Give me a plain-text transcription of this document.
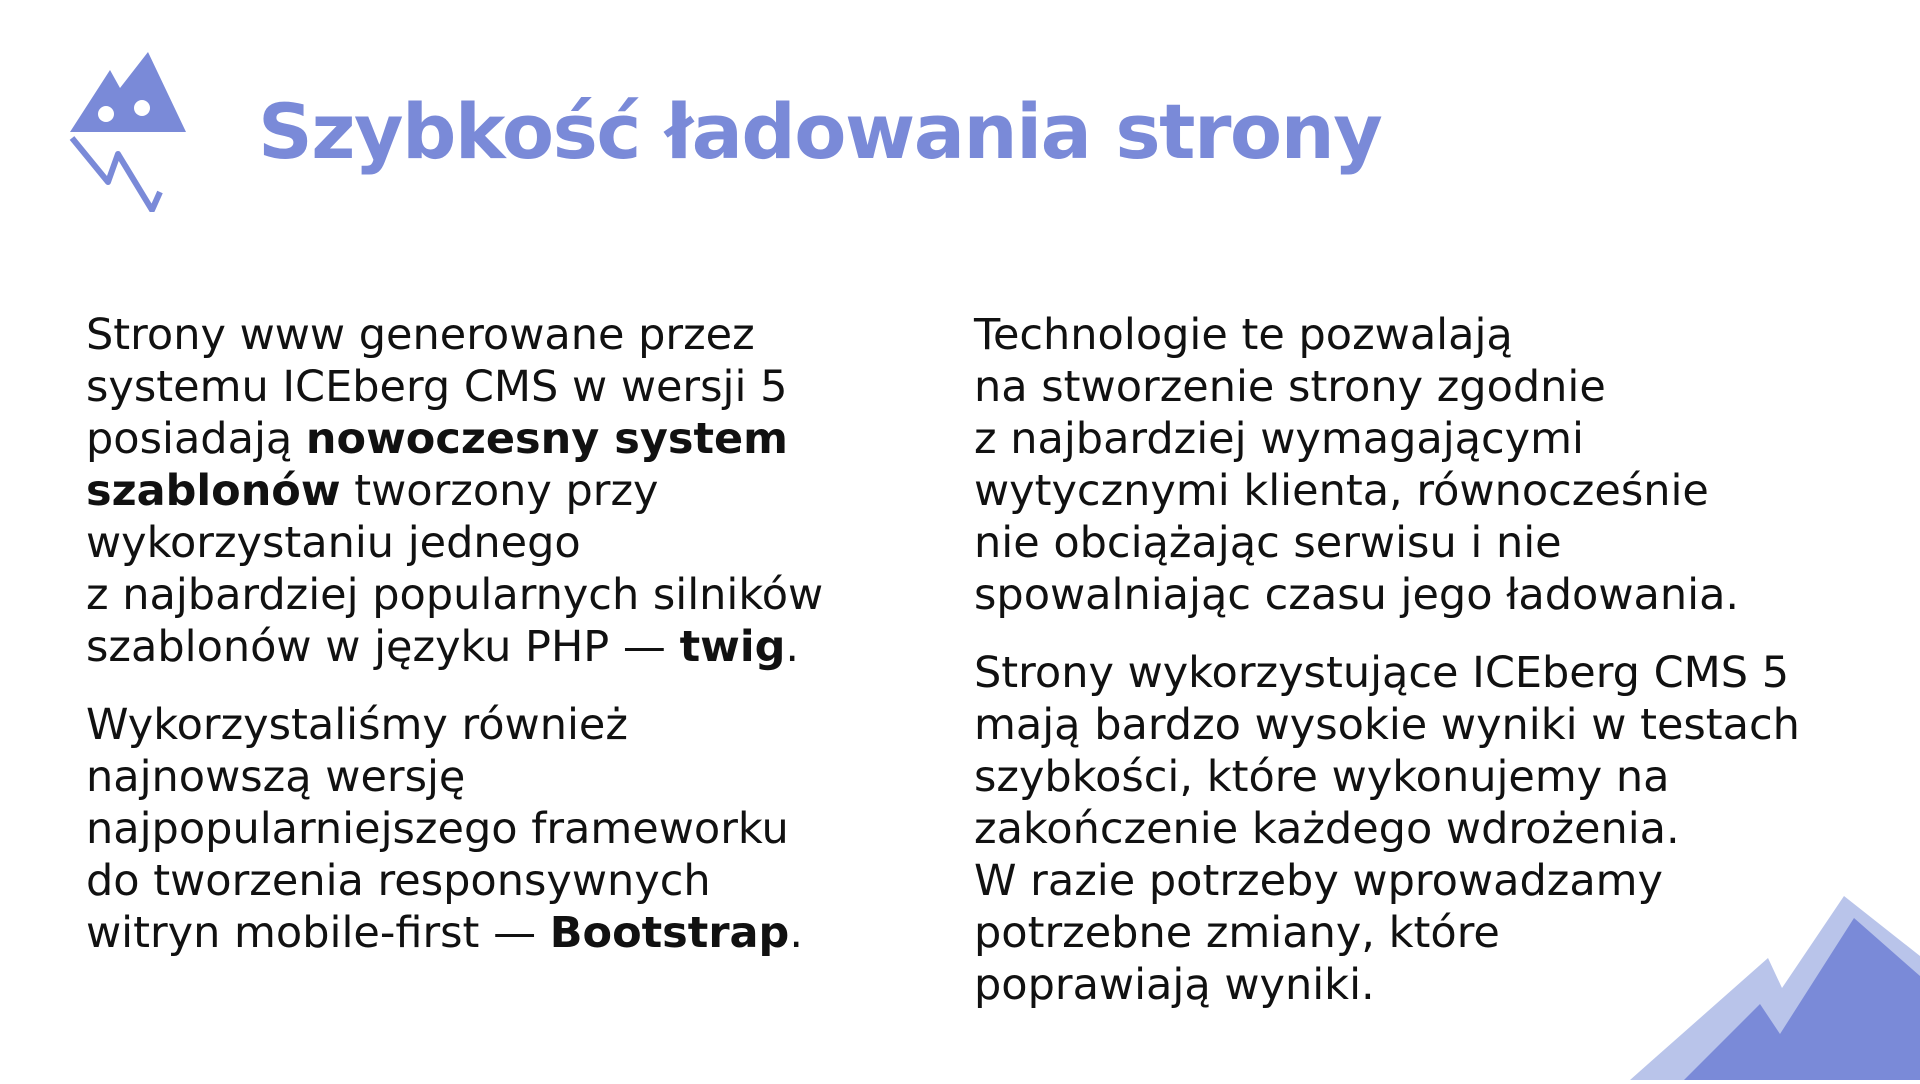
Szybkość ładowania strony

Strony www generowane przez
systemu ICEberg CMS w wersji 5
posiadają nowoczesny system
szablonów tworzony przy
wykorzystaniu jednego
z najbardziej popularnych silników
szablonów w języku PHP — twig.

Wykorzystaliśmy również
najnowszą wersję
najpopularniejszego frameworku
do tworzenia responsywnych
witryn mobile-first — Bootstrap.

Technologie te pozwalają
na stworzenie strony zgodnie
z najbardziej wymagającymi
wytycznymi klienta, równocześnie
nie obciążając serwisu i nie
spowalniając czasu jego ładowania.

Strony wykorzystujące ICEberg CMS 5
mają bardzo wysokie wyniki w testach
szybkości, które wykonujemy na
zakończenie każdego wdrożenia.
W razie potrzeby wprowadzamy
potrzebne zmiany, które
poprawiają wyniki.
